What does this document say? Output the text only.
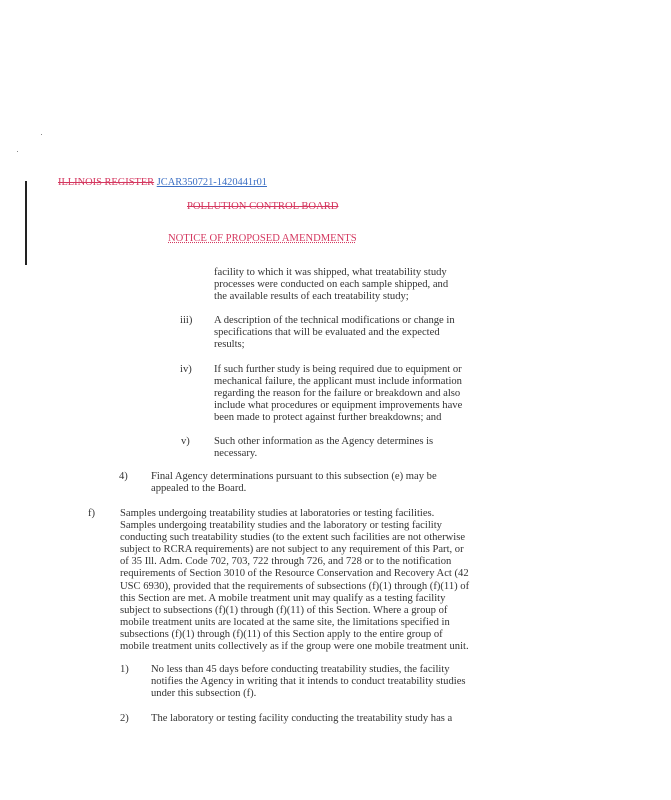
ILLINOIS REGISTER JCAR350721-1420441r01
POLLUTION CONTROL BOARD
NOTICE OF PROPOSED AMENDMENTS
facility to which it was shipped, what treatability study processes were conducted on each sample shipped, and the available results of each treatability study;
iii) A description of the technical modifications or change in specifications that will be evaluated and the expected results;
iv) If such further study is being required due to equipment or mechanical failure, the applicant must include information regarding the reason for the failure or breakdown and also include what procedures or equipment improvements have been made to protect against further breakdowns; and
v) Such other information as the Agency determines is necessary.
4) Final Agency determinations pursuant to this subsection (e) may be appealed to the Board.
f) Samples undergoing treatability studies at laboratories or testing facilities. Samples undergoing treatability studies and the laboratory or testing facility conducting such treatability studies (to the extent such facilities are not otherwise subject to RCRA requirements) are not subject to any requirement of this Part, or of 35 Ill. Adm. Code 702, 703, 722 through 726, and 728 or to the notification requirements of Section 3010 of the Resource Conservation and Recovery Act (42 USC 6930), provided that the requirements of subsections (f)(1) through (f)(11) of this Section are met. A mobile treatment unit may qualify as a testing facility subject to subsections (f)(1) through (f)(11) of this Section. Where a group of mobile treatment units are located at the same site, the limitations specified in subsections (f)(1) through (f)(11) of this Section apply to the entire group of mobile treatment units collectively as if the group were one mobile treatment unit.
1) No less than 45 days before conducting treatability studies, the facility notifies the Agency in writing that it intends to conduct treatability studies under this subsection (f).
2) The laboratory or testing facility conducting the treatability study has a
